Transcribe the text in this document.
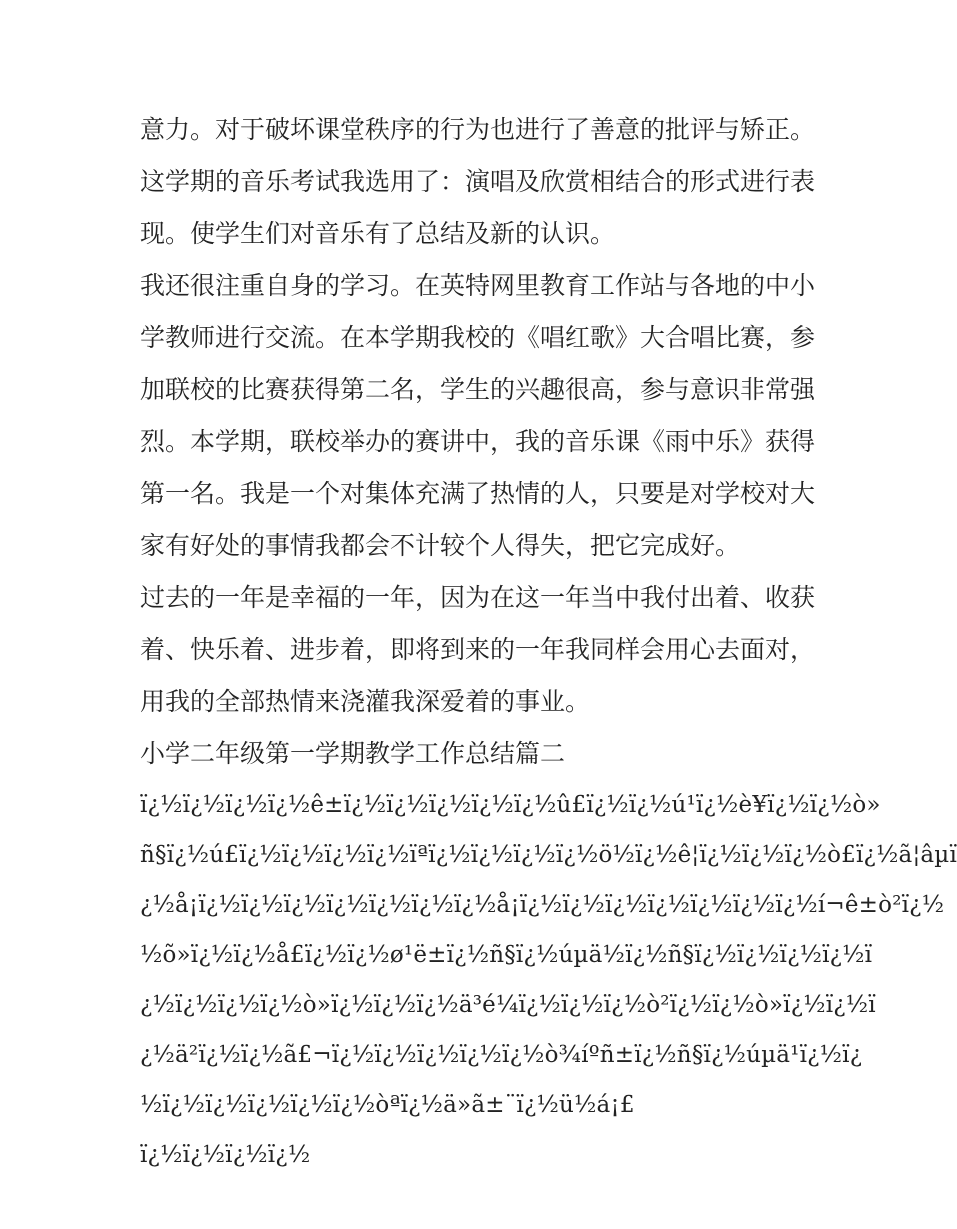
意力。对于破坏课堂秩序的行为也进行了善意的批评与矫正。
这学期的音乐考试我选用了：演唱及欣赏相结合的形式进行表
现。使学生们对音乐有了总结及新的认识。
我还很注重自身的学习。在英特网里教育工作站与各地的中小
学教师进行交流。在本学期我校的《唱红歌》大合唱比赛，参
加联校的比赛获得第二名，学生的兴趣很高，参与意识非常强
烈。本学期，联校举办的赛讲中，我的音乐课《雨中乐》获得
第一名。我是一个对集体充满了热情的人，只要是对学校对大
家有好处的事情我都会不计较个人得失，把它完成好。
过去的一年是幸福的一年，因为在这一年当中我付出着、收获
着、快乐着、进步着，即将到来的一年我同样会用心去面对，
用我的全部热情来浇灌我深爱着的事业。
小学二年级第一学期教学工作总结篇二
ï¿½ï¿½ï¿½ï¿½ê±ï¿½ï¿½ï¿½ï¿½ï¿½û£ï¿½ï¿½ú¹ï¿½è¥ï¿½ï¿½ò»
ñ§ï¿½ú£ï¿½ï¿½ï¿½ï¿½ïªï¿½ï¿½ï¿½ï¿½ö½ï¿½ê¦ï¿½ï¿½ï¿½ò£ï¿½ã¦âµï
¿½å¡ï¿½ï¿½ï¿½ï¿½ï¿½ï¿½ï¿½å¡ï¿½ï¿½ï¿½ï¿½ï¿½ï¿½ï¿½í¬ê±ò²ï¿½
½õ»ï¿½ï¿½å£ï¿½ï¿½ø¹ë±ï¿½ñ§ï¿½úµä½ï¿½ñ§ï¿½ï¿½ï¿½ï¿½ï
¿½ï¿½ï¿½ï¿½ò»ï¿½ï¿½ï¿½ä³é¼ï¿½ï¿½ï¿½ò²ï¿½ï¿½ò»ï¿½ï¿½ï
¿½ä²ï¿½ï¿½ã£¬ï¿½ï¿½ï¿½ï¿½ï¿½ò¾íºñ±ï¿½ñ§ï¿½úµä¹ï¿½ï¿
½ï¿½ï¿½ï¿½ï¿½ï¿½òªï¿½ä»ã±¨ï¿½ü½á¡£
ï¿½ï¿½ï¿½ï¿½
